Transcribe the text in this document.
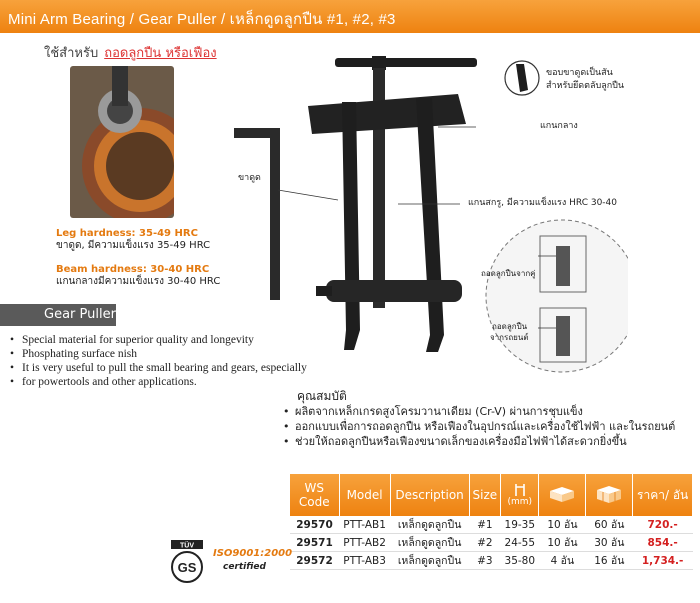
Mini Arm Bearing / Gear Puller / เหล็กดูดลูกปืน #1, #2, #3
ใช้สำหรับ ถอดลูกปืน หรือเฟือง
Leg hardness: 35-49 HRC
ขาดูด, มีความแข็งแรง 35-49 HRC
Beam hardness: 30-40 HRC
แกนกลางมีความแข็งแรง 30-40 HRC
ขาดูด
แกนกลาง
แกนสกรู, มีความแข็งแรง HRC 30-40
ขอบขาดูดเป็นสัน
สำหรับยึดตลับลูกปืน
ถอดลูกปืนจากคู่
ถอดลูกปืน
จากรถยนต์
Gear Puller
• Special material for superior quality and longevity
• Phosphating surface nish
• It is very useful to pull the small bearing and gears, especially
• for powertools and other applications.
คุณสมบัติ
• ผลิตจากเหล็กเกรดสูงโครมวานาเดียม (Cr-V) ผ่านการชุบแข็ง
• ออกแบบเพื่อการถอดลูกปืน หรือเฟืองในอุปกรณ์และเครื่องใช้ไฟฟ้า และในรถยนต์
• ช่วยให้ถอดลูกปืนหรือเฟืองขนาดเล็กของเครื่องมือไฟฟ้าได้สะดวกยิ่งขึ้น
WS Code	Model	Description	Size	(mm)			ราคา/ อัน
29570	PTT-AB1	เหล็กดูดลูกปืน	#1	19-35	10 อัน	60 อัน	720.-
29571	PTT-AB2	เหล็กดูดลูกปืน	#2	24-55	10 อัน	30 อัน	854.-
29572	PTT-AB3	เหล็กดูดลูกปืน	#3	35-80	4 อัน	16 อัน	1,734.-
TÜV
GS
ISO9001:2000
certified
